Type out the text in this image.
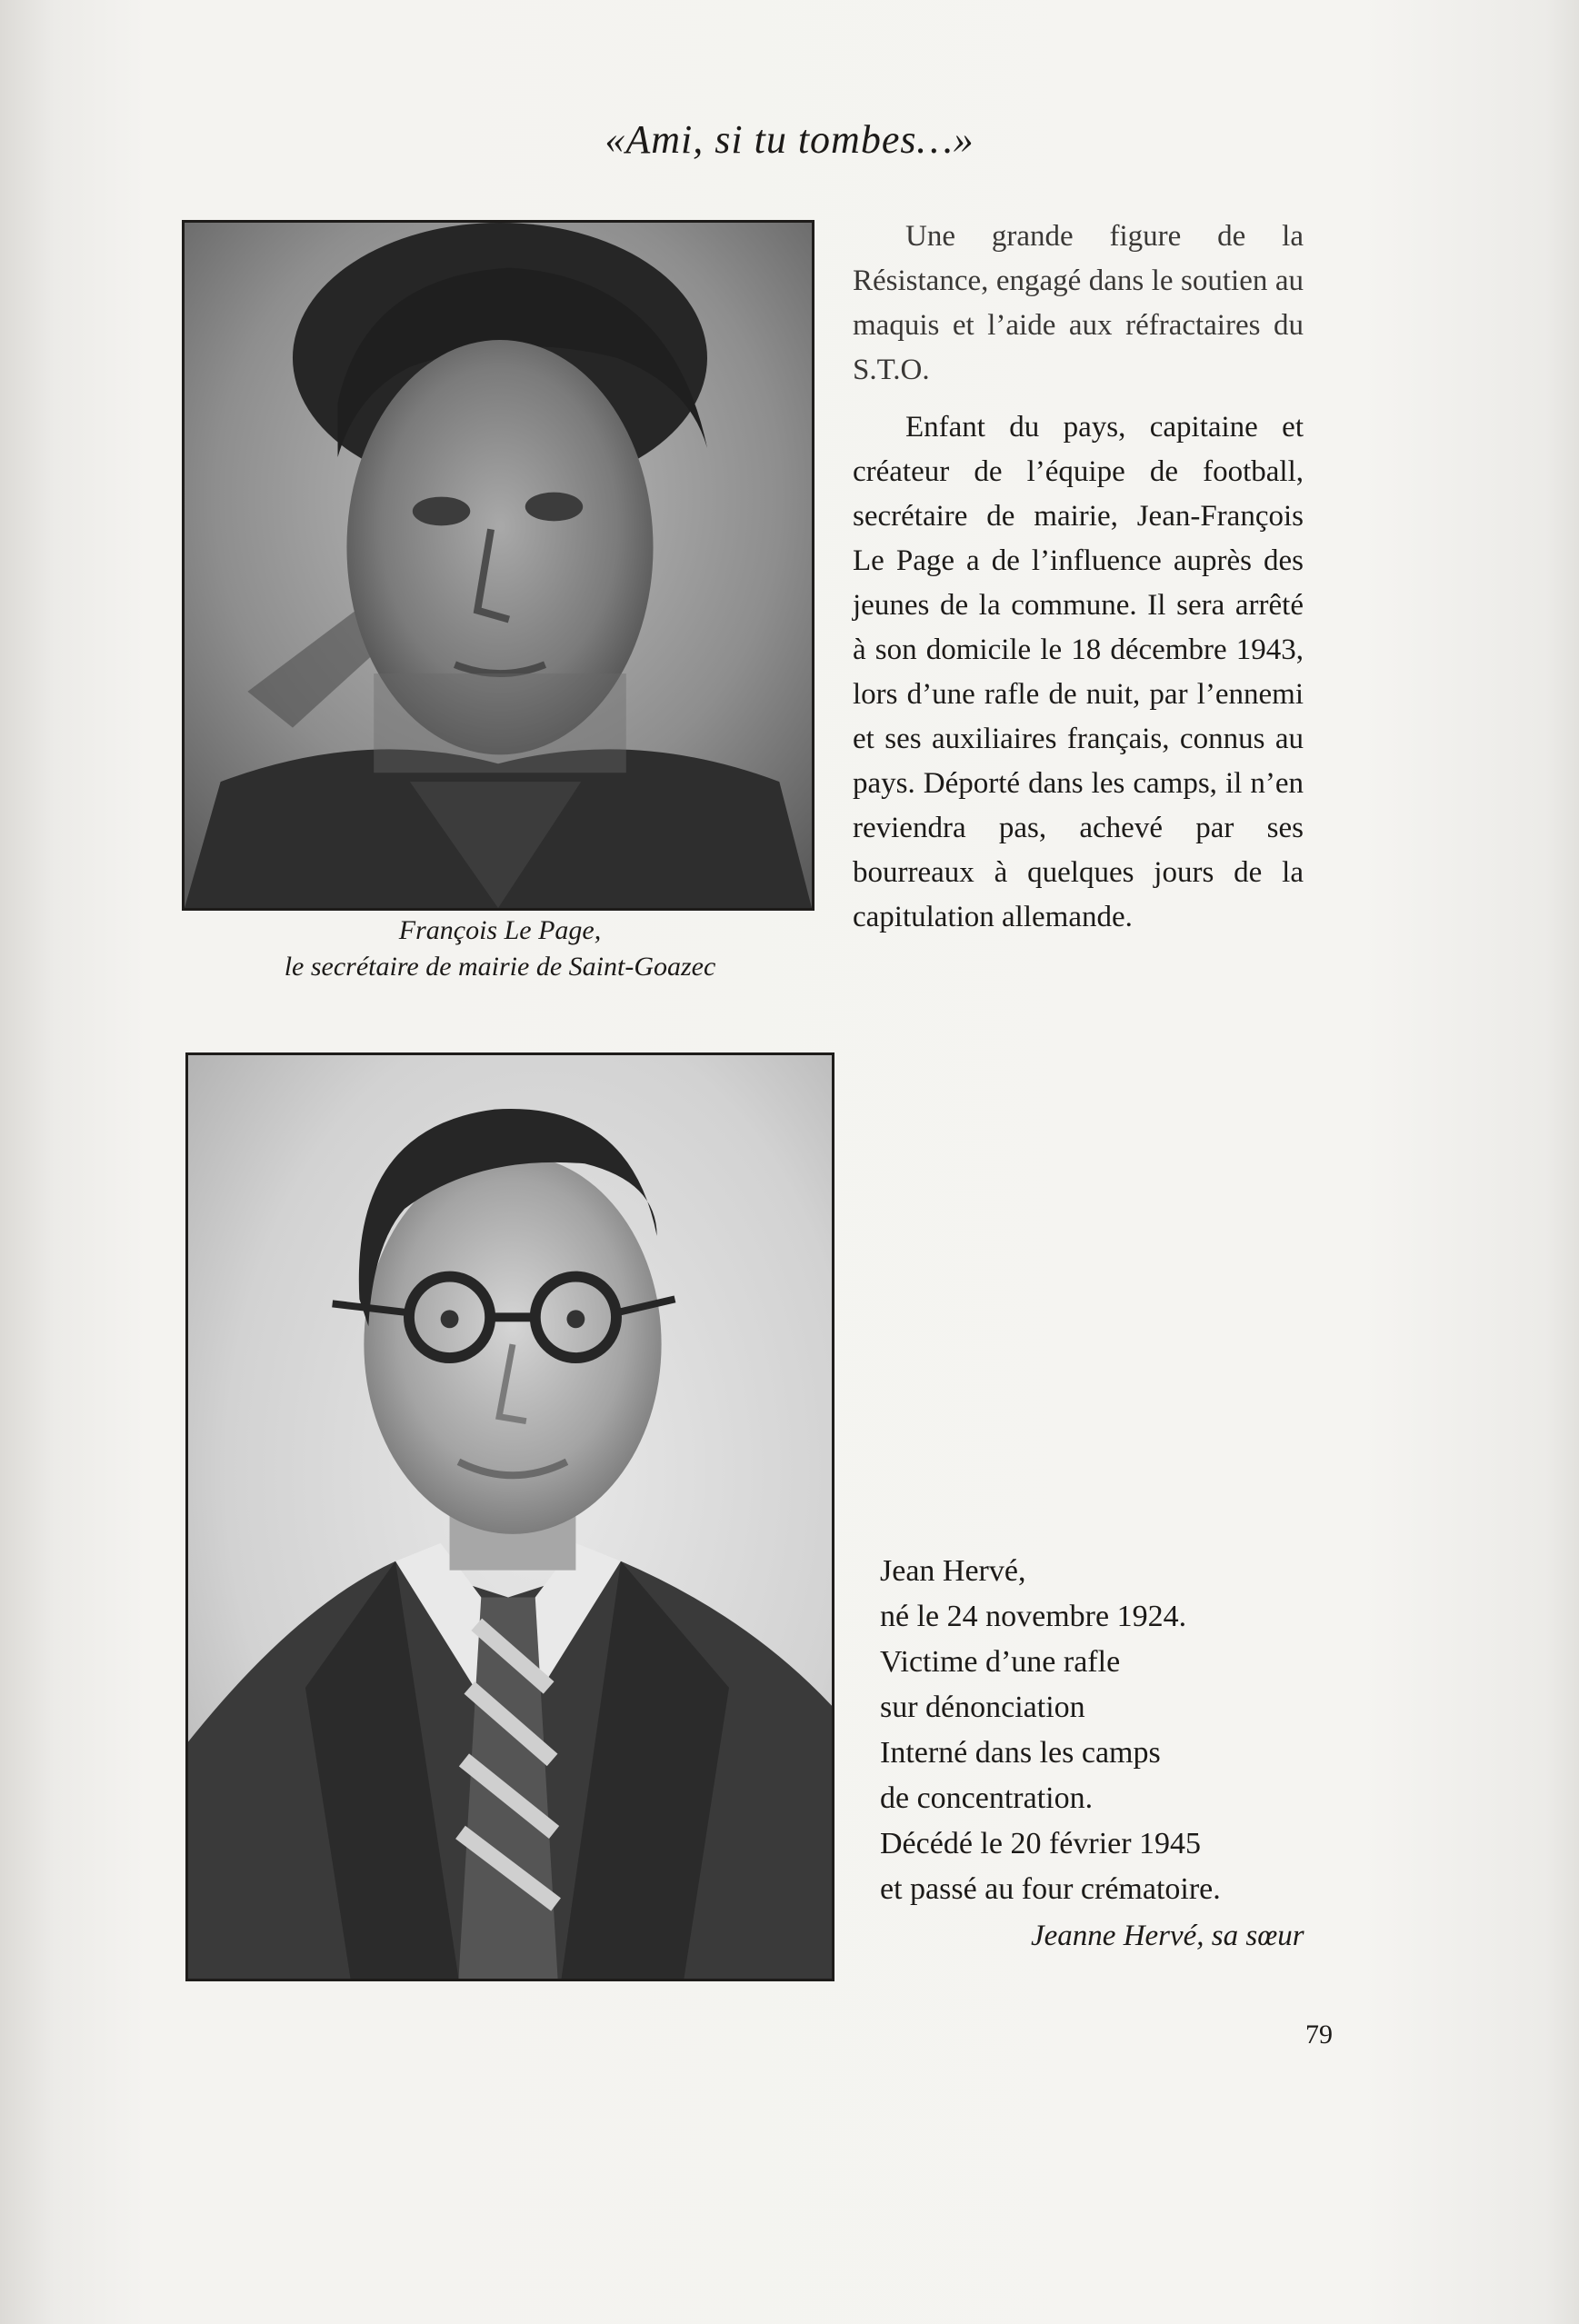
«Ami, si tu tombes…»
François Le Page,
le secrétaire de mairie de Saint-Goazec

Une grande figure de la Résistance, engagé dans le soutien au maquis et l’aide aux réfractaires du S.T.O.

Enfant du pays, capitaine et créateur de l’équipe de football, secrétaire de mairie, Jean-François Le Page a de l’influence auprès des jeunes de la commune. Il sera arrêté à son domicile le 18 décembre 1943, lors d’une rafle de nuit, par l’ennemi et ses auxiliaires français, connus au pays. Déporté dans les camps, il n’en reviendra pas, achevé par ses bourreaux à quelques jours de la capitulation allemande.

Jean Hervé,
né le 24 novembre 1924.
Victime d’une rafle
sur dénonciation
Interné dans les camps
de concentration.
Décédé le 20 février 1945
et passé au four crématoire.
Jeanne Hervé, sa sœur
79
